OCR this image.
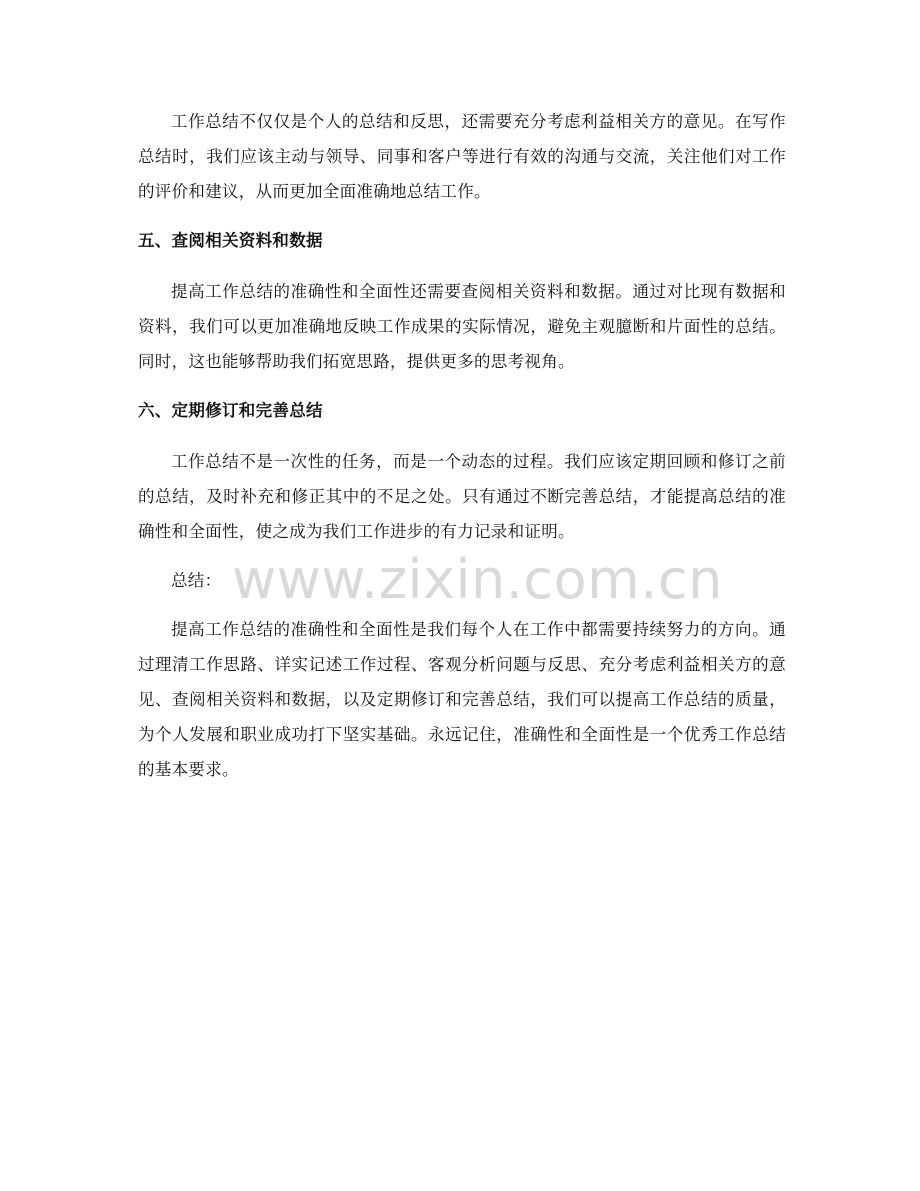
工作总结不仅仅是个人的总结和反思，还需要充分考虑利益相关方的意见。在写作总结时，我们应该主动与领导、同事和客户等进行有效的沟通与交流，关注他们对工作的评价和建议，从而更加全面准确地总结工作。

五、查阅相关资料和数据

提高工作总结的准确性和全面性还需要查阅相关资料和数据。通过对比现有数据和资料，我们可以更加准确地反映工作成果的实际情况，避免主观臆断和片面性的总结。同时，这也能够帮助我们拓宽思路，提供更多的思考视角。

六、定期修订和完善总结

工作总结不是一次性的任务，而是一个动态的过程。我们应该定期回顾和修订之前的总结，及时补充和修正其中的不足之处。只有通过不断完善总结，才能提高总结的准确性和全面性，使之成为我们工作进步的有力记录和证明。

总结：

提高工作总结的准确性和全面性是我们每个人在工作中都需要持续努力的方向。通过理清工作思路、详实记述工作过程、客观分析问题与反思、充分考虑利益相关方的意见、查阅相关资料和数据，以及定期修订和完善总结，我们可以提高工作总结的质量，为个人发展和职业成功打下坚实基础。永远记住，准确性和全面性是一个优秀工作总结的基本要求。

www.zixin.com.cn
